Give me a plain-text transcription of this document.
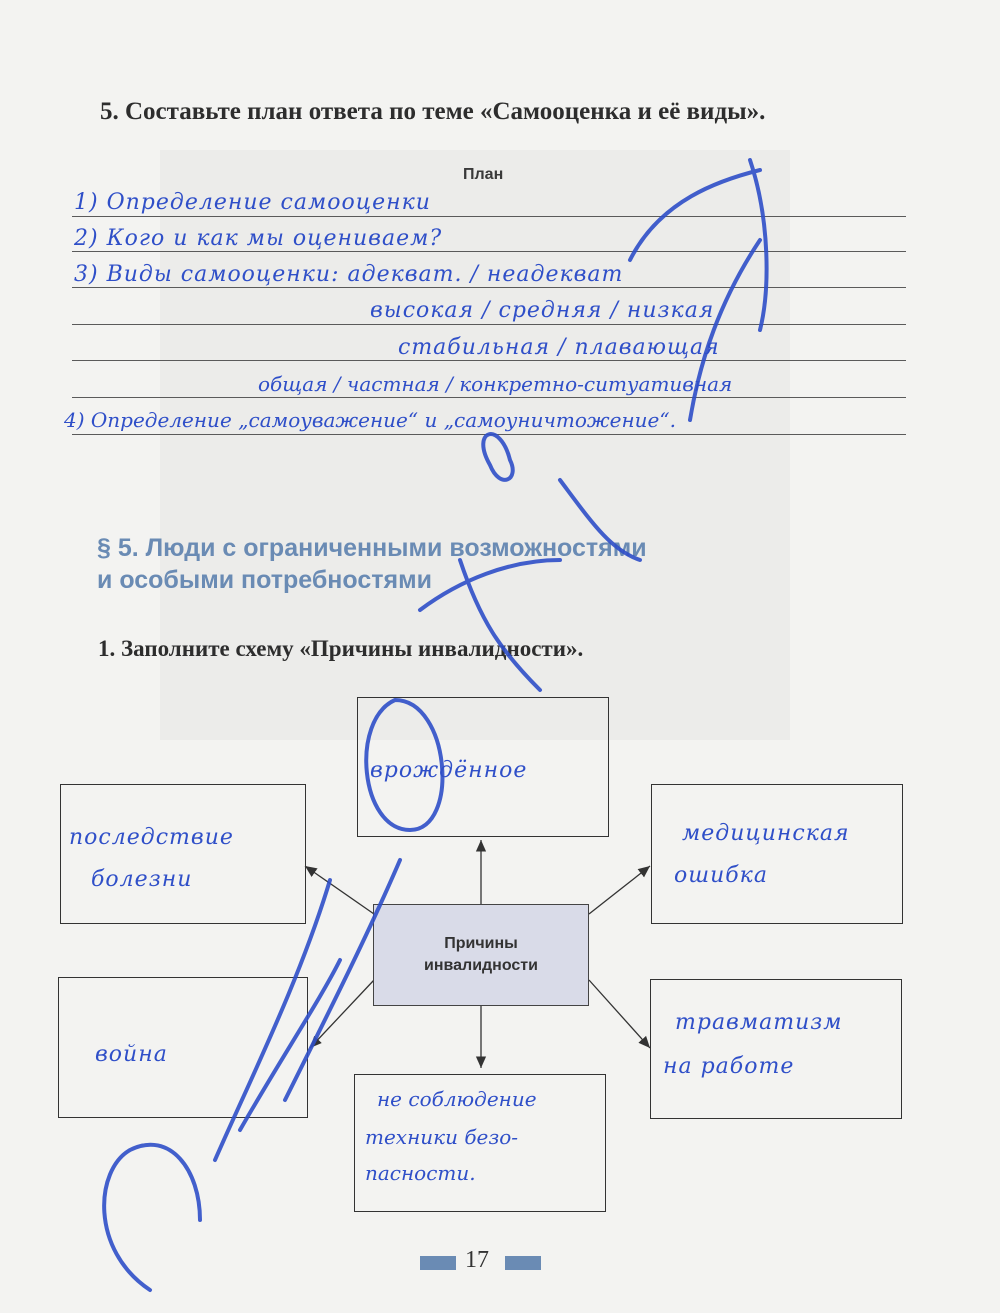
5. Составьте план ответа по теме «Самооценка и её виды».

План

1) Определение самооценки

2) Кого и как мы оцениваем?

3) Виды самооценки: адекват. / неадекват

высокая / средняя / низкая

стабильная / плавающая

общая / частная / конкретно-ситуативная

4) Определение „самоуважение“ и „самоуничтожение“.

§ 5. Люди с ограниченными возможностями
и особыми потребностями
1. Заполните схему «Причины инвалидности».

врождённое

последствие

болезни

медицинская

ошибка

Причины
инвалидности

война

травматизм

на работе

не соблюдение

техники безо-

пасности.

17
